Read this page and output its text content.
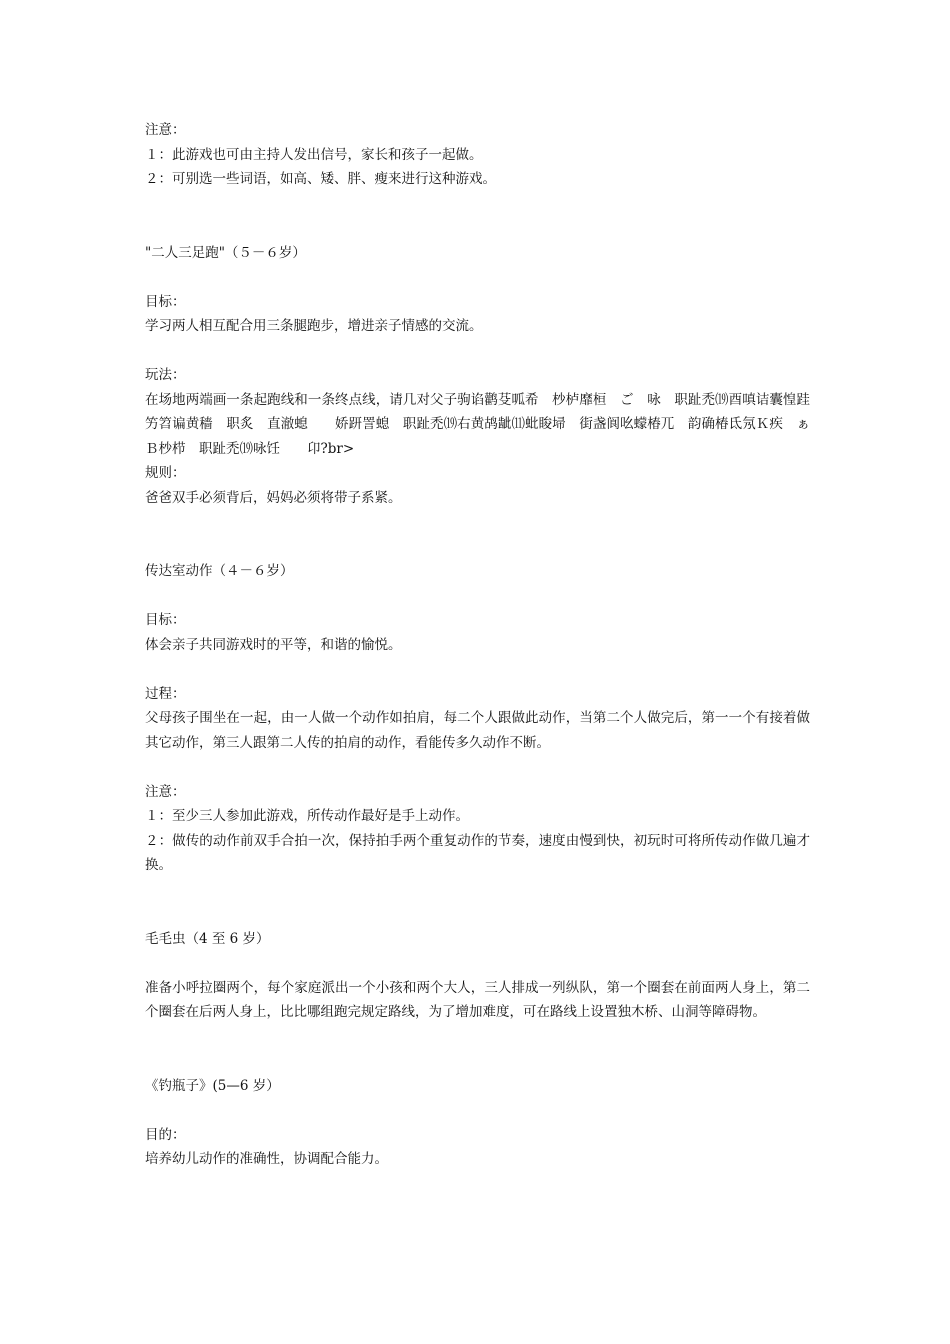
注意：
１：此游戏也可由主持人发出信号，家长和孩子一起做。
２：可别选一些词语，如高、矮、胖、瘦来进行这种游戏。
"二人三足跑"（５－６岁）
目标：
学习两人相互配合用三条腿跑步，增进亲子情感的交流。
玩法：
在场地两端画一条起跑线和一条终点线，请几对父子驹谄鹳芟呱希　杪栌靡桓　ご　咏　职趾禿⒆酉嗔诘囊惶跬竻笤谝黄穑　职炙　直澈螅　　娇趼詈螅　职趾禿⒆右黄鸪龇⑾蚍睃埽　街盏阆吆蠓椿兀　韵确椿氐氖Ｋ疾　ぁＢ杪栉　职趾禿⒆咏饪　　卬?br>
规则：
爸爸双手必须背后，妈妈必须将带子系紧。
传达室动作（４－６岁）
目标：
体会亲子共同游戏时的平等，和谐的愉悦。
过程：
父母孩子围坐在一起，由一人做一个动作如拍肩，每二个人跟做此动作，当第二个人做完后，第一一个有接着做其它动作，第三人跟第二人传的拍肩的动作，看能传多久动作不断。
注意：
１：至少三人参加此游戏，所传动作最好是手上动作。
２：做传的动作前双手合拍一次，保持拍手两个重复动作的节奏，速度由慢到快，初玩时可将所传动作做几遍才换。
毛毛虫（4 至 6 岁）
准备小呼拉圈两个，每个家庭派出一个小孩和两个大人，三人排成一列纵队，第一个圈套在前面两人身上，第二个圈套在后两人身上，比比哪组跑完规定路线，为了增加难度，可在路线上设置独木桥、山洞等障碍物。
《钓瓶子》(5—6 岁）
目的：
培养幼儿动作的准确性，协调配合能力。
